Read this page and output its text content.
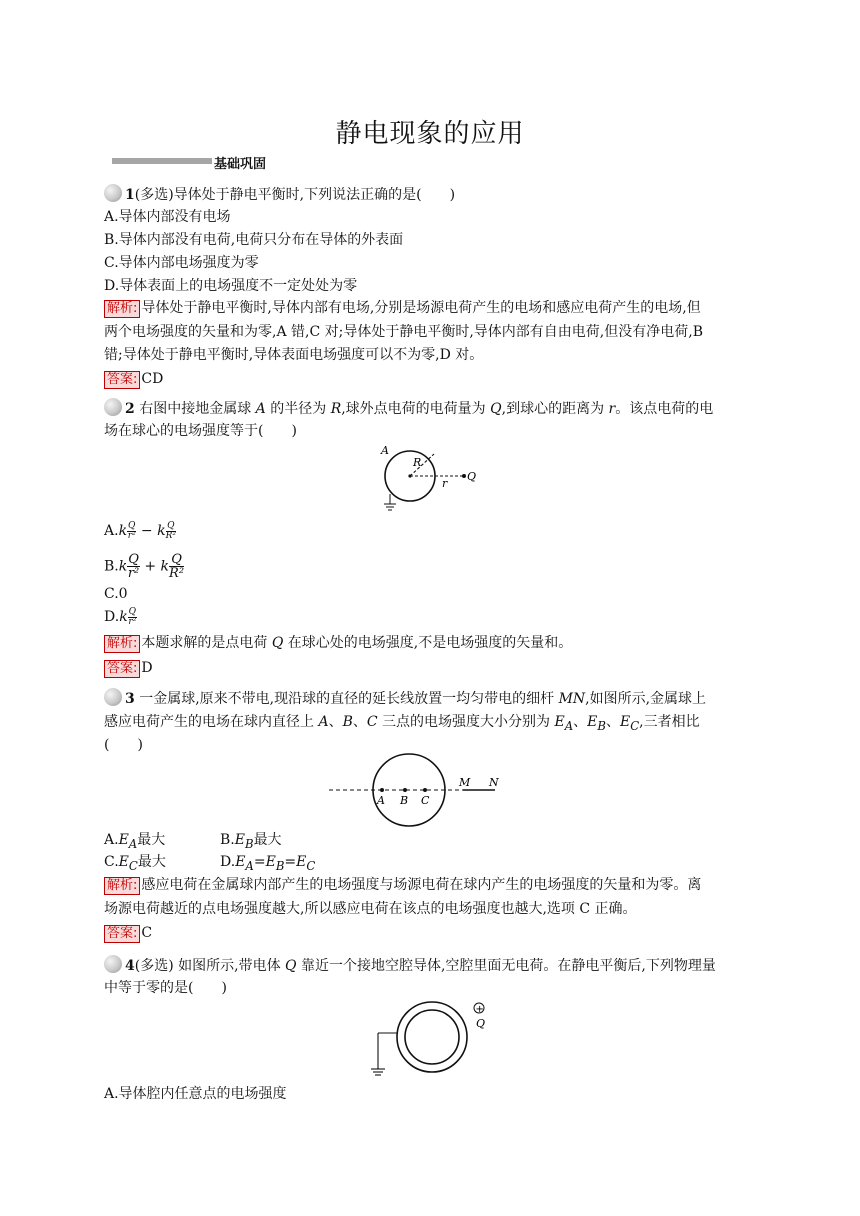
静电现象的应用
基础巩固
1(多选)导体处于静电平衡时,下列说法正确的是(　　)
A.导体内部没有电场
B.导体内部没有电荷,电荷只分布在导体的外表面
C.导体内部电场强度为零
D.导体表面上的电场强度不一定处处为零
解析: 导体处于静电平衡时,导体内部有电场,分别是场源电荷产生的电场和感应电荷产生的电场,但
两个电场强度的矢量和为零,A 错,C 对;导体处于静电平衡时,导体内部有自由电荷,但没有净电荷,B
错;导体处于静电平衡时,导体表面电场强度可以不为零,D 对。
答案: CD
2 右图中接地金属球 A 的半径为 R,球外点电荷的电荷量为 Q,到球心的距离为 r。该点电荷的电
场在球心的电场强度等于(　　)
A
R
r
Q
$A.k \frac{Q}{\text{r²}} - k \frac{Q}{\text{R²}}$
$B.k \frac{Q}{\text{r²}} + k \frac{Q}{\text{R²}}$
C.0
$D.k \frac{Q}{\text{r²}}$
解析: 本题求解的是点电荷 Q 在球心处的电场强度,不是电场强度的矢量和。
答案: D
3 一金属球,原来不带电,现沿球的直径的延长线放置一均匀带电的细杆 MN,如图所示,金属球上
感应电荷产生的电场在球内直径上 A、B、C 三点的电场强度大小分别为 $E_A$、$E_B$、$E_C$,三者相比
(　　)
A B C
M N
$A.E_A$最大	$B.E_B$最大
$C.E_C$最大	$D.E_A=E_B=E_C$
解析: 感应电荷在金属球内部产生的电场强度与场源电荷在球内产生的电场强度的矢量和为零。离
场源电荷越近的点电场强度越大,所以感应电荷在该点的电场强度也越大,选项 C 正确。
答案: C
4(多选) 如图所示,带电体 Q 靠近一个接地空腔导体,空腔里面无电荷。在静电平衡后,下列物理量
中等于零的是(　　)
+
Q
A.导体腔内任意点的电场强度
